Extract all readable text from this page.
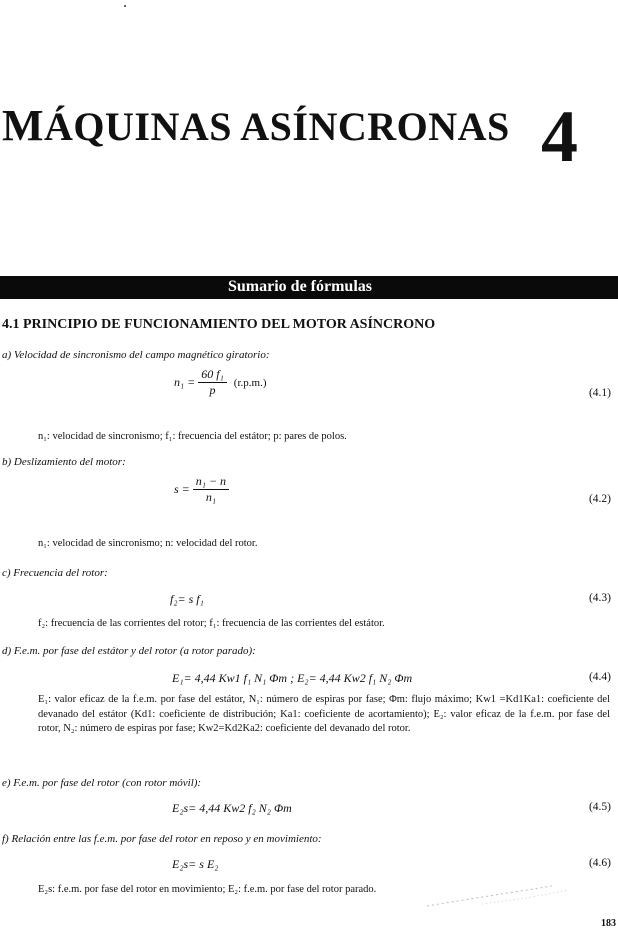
MÁQUINAS ASÍNCRONAS 4
Sumario de fórmulas
4.1 PRINCIPIO DE FUNCIONAMIENTO DEL MOTOR ASÍNCRONO
a) Velocidad de sincronismo del campo magnético giratorio:
$n_1 = \frac{\text{60 f₁}}{p} (r.p.m.)$
(4.1)
n₁: velocidad de sincronismo; f₁: frecuencia del estátor; p: pares de polos.
b) Deslizamiento del motor:
$s = \frac{\text{n₁ − n}}{\text{n₁}}$	(4.2)
n₁: velocidad de sincronismo; n: velocidad del rotor.
c) Frecuencia del rotor:
f₂= s f₁	(4.3)
f₂: frecuencia de las corrientes del rotor; f₁: frecuencia de las corrientes del estátor.
d) F.e.m. por fase del estátor y del rotor (a rotor parado):
E₁= 4,44 Kw1 f₁ N₁ Φm ; E₂= 4,44 Kw2 f₁ N₂ Φm	(4.4)
E₁: valor eficaz de la f.e.m. por fase del estátor, N₁: número de espiras por fase; Φm: flujo máximo; Kw1 =Kd1Ka1: coeficiente del devanado del estátor (Kd1: coeficiente de distribución; Ka1: coeficiente de acortamiento); E₂: valor eficaz de la f.e.m. por fase del rotor, N₂: número de espiras por fase; Kw2=Kd2Ka2: coeficiente del devanado del rotor.
e) F.e.m. por fase del rotor (con rotor móvil):
E₂s= 4,44 Kw2 f₂ N₂ Φm	(4.5)
f) Relación entre las f.e.m. por fase del rotor en reposo y en movimiento:
E₂s= s E₂	(4.6)
E₂s: f.e.m. por fase del rotor en movimiento; E₂: f.e.m. por fase del rotor parado.
183
